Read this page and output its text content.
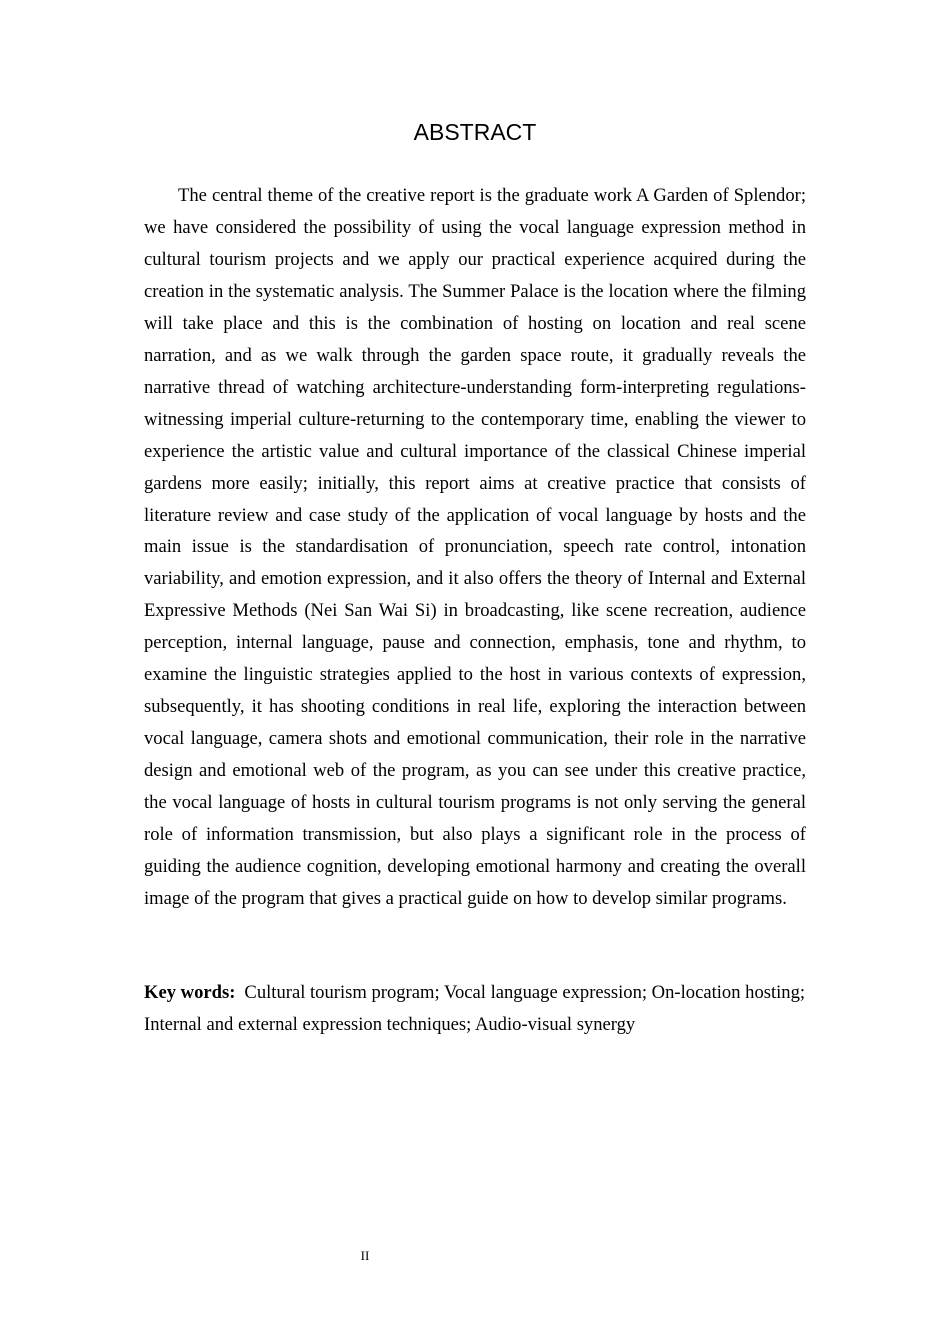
ABSTRACT

The central theme of the creative report is the graduate work A Garden of Splendor; we have considered the possibility of using the vocal language expression method in cultural tourism projects and we apply our practical experience acquired during the creation in the systematic analysis. The Summer Palace is the location where the filming will take place and this is the combination of hosting on location and real scene narration, and as we walk through the garden space route, it gradually reveals the narrative thread of watching architecture-understanding form-interpreting regulations-witnessing imperial culture-returning to the contemporary time, enabling the viewer to experience the artistic value and cultural importance of the classical Chinese imperial gardens more easily; initially, this report aims at creative practice that consists of literature review and case study of the application of vocal language by hosts and the main issue is the standardisation of pronunciation, speech rate control, intonation variability, and emotion expression, and it also offers the theory of Internal and External Expressive Methods (Nei San Wai Si) in broadcasting, like scene recreation, audience perception, internal language, pause and connection, emphasis, tone and rhythm, to examine the linguistic strategies applied to the host in various contexts of expression, subsequently, it has shooting conditions in real life, exploring the interaction between vocal language, camera shots and emotional communication, their role in the narrative design and emotional web of the program, as you can see under this creative practice, the vocal language of hosts in cultural tourism programs is not only serving the general role of information transmission, but also plays a significant role in the process of guiding the audience cognition, developing emotional harmony and creating the overall image of the program that gives a practical guide on how to develop similar programs.

Key words: Cultural tourism program; Vocal language expression; On-location hosting; Internal and external expression techniques; Audio-visual synergy

II
